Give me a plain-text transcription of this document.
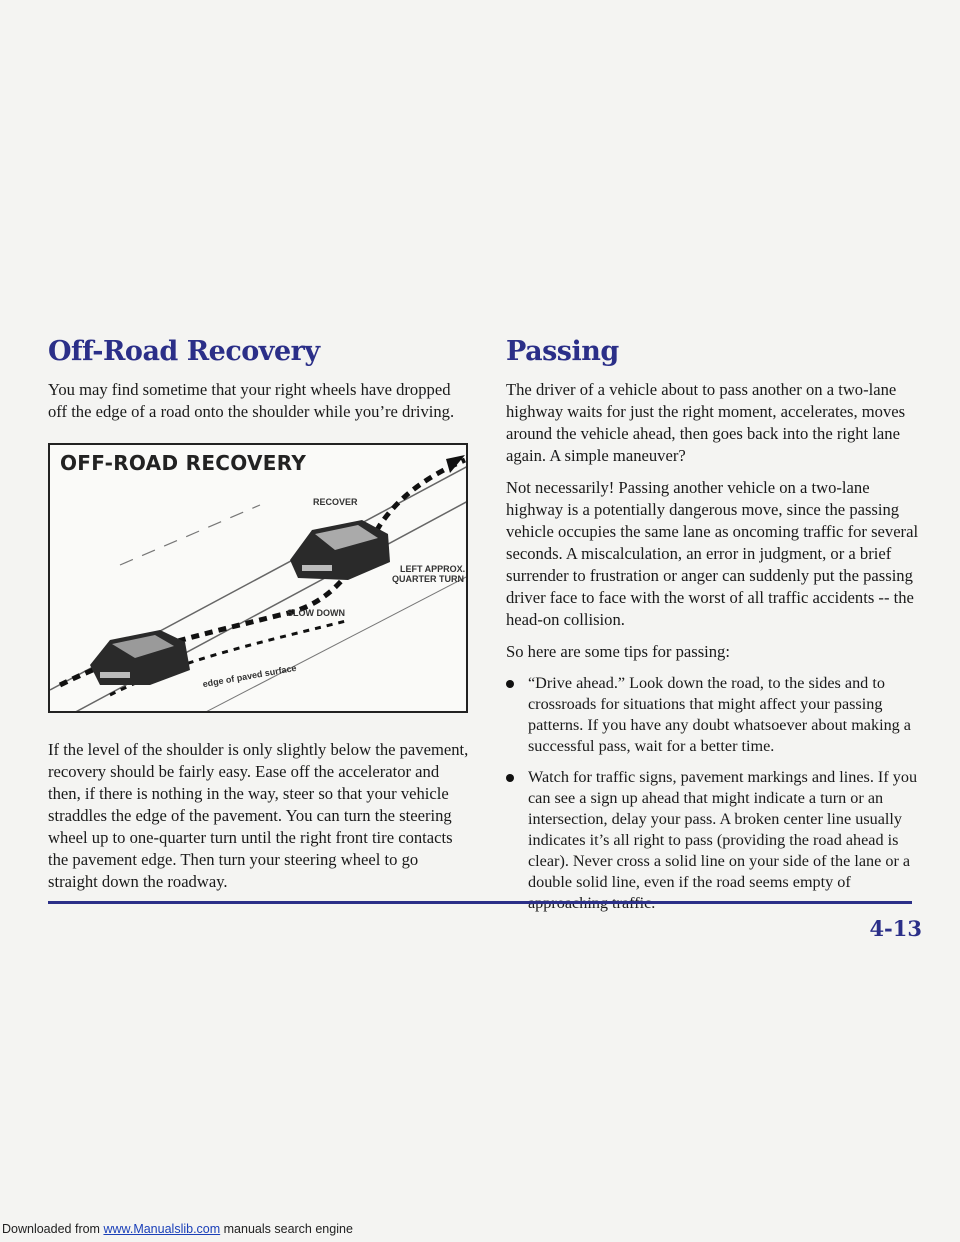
Off-Road Recovery

You may find sometime that your right wheels have dropped off the edge of a road onto the shoulder while you’re driving.

OFF-ROAD RECOVERY
RECOVER
LEFT APPROX.
QUARTER TURN
SLOW DOWN
edge of paved surface

If the level of the shoulder is only slightly below the pavement, recovery should be fairly easy. Ease off the accelerator and then, if there is nothing in the way, steer so that your vehicle straddles the edge of the pavement. You can turn the steering wheel up to one-quarter turn until the right front tire contacts the pavement edge. Then turn your steering wheel to go straight down the roadway.

Passing

The driver of a vehicle about to pass another on a two-lane highway waits for just the right moment, accelerates, moves around the vehicle ahead, then goes back into the right lane again. A simple maneuver?

Not necessarily! Passing another vehicle on a two-lane highway is a potentially dangerous move, since the passing vehicle occupies the same lane as oncoming traffic for several seconds. A miscalculation, an error in judgment, or a brief surrender to frustration or anger can suddenly put the passing driver face to face with the worst of all traffic accidents -- the head-on collision.

So here are some tips for passing:

“Drive ahead.” Look down the road, to the sides and to crossroads for situations that might affect your passing patterns. If you have any doubt whatsoever about making a successful pass, wait for a better time.
Watch for traffic signs, pavement markings and lines. If you can see a sign up ahead that might indicate a turn or an intersection, delay your pass. A broken center line usually indicates it’s all right to pass (providing the road ahead is clear). Never cross a solid line on your side of the lane or a double solid line, even if the road seems empty of
4-13
Downloaded from www.Manualslib.com manuals search engine
